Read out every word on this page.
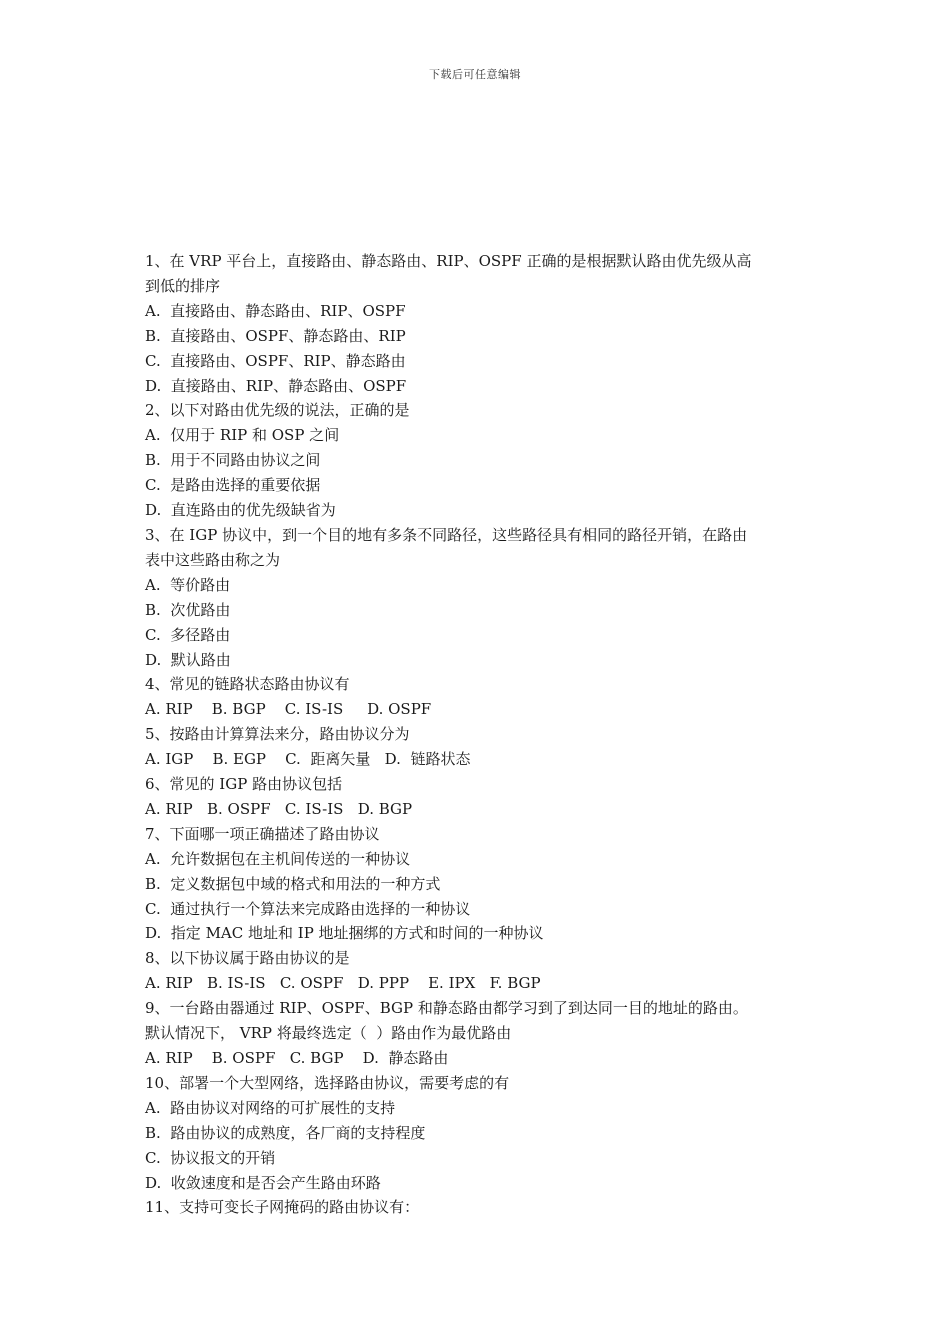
下载后可任意编辑

1、在 VRP 平台上，直接路由、静态路由、RIP、OSPF 正确的是根据默认路由优先级从高

到低的排序

A.  直接路由、静态路由、RIP、OSPF

B.  直接路由、OSPF、静态路由、RIP

C.  直接路由、OSPF、RIP、静态路由

D.  直接路由、RIP、静态路由、OSPF

2、以下对路由优先级的说法，正确的是

A.  仅用于 RIP 和 OSP 之间

B.  用于不同路由协议之间

C.  是路由选择的重要依据

D.  直连路由的优先级缺省为

3、在 IGP 协议中，到一个目的地有多条不同路径，这些路径具有相同的路径开销，在路由

表中这些路由称之为

A.  等价路由

B.  次优路由

C.  多径路由

D.  默认路由

4、常见的链路状态路由协议有

A. RIP    B. BGP    C. IS-IS     D. OSPF

5、按路由计算算法来分，路由协议分为

A. IGP    B. EGP    C.  距离矢量   D.  链路状态

6、常见的 IGP 路由协议包括

A. RIP   B. OSPF   C. IS-IS   D. BGP

7、下面哪一项正确描述了路由协议

A.  允许数据包在主机间传送的一种协议

B.  定义数据包中域的格式和用法的一种方式

C.  通过执行一个算法来完成路由选择的一种协议

D.  指定 MAC 地址和 IP 地址捆绑的方式和时间的一种协议

8、以下协议属于路由协议的是

A. RIP   B. IS-IS   C. OSPF   D. PPP    E. IPX   F. BGP

9、一台路由器通过 RIP、OSPF、BGP 和静态路由都学习到了到达同一目的地址的路由。

默认情况下， VRP 将最终选定（  ）路由作为最优路由

A. RIP    B. OSPF   C. BGP    D.  静态路由

10、部署一个大型网络，选择路由协议，需要考虑的有

A.  路由协议对网络的可扩展性的支持

B.  路由协议的成熟度，各厂商的支持程度

C.  协议报文的开销

D.  收敛速度和是否会产生路由环路

11、支持可变长子网掩码的路由协议有：
